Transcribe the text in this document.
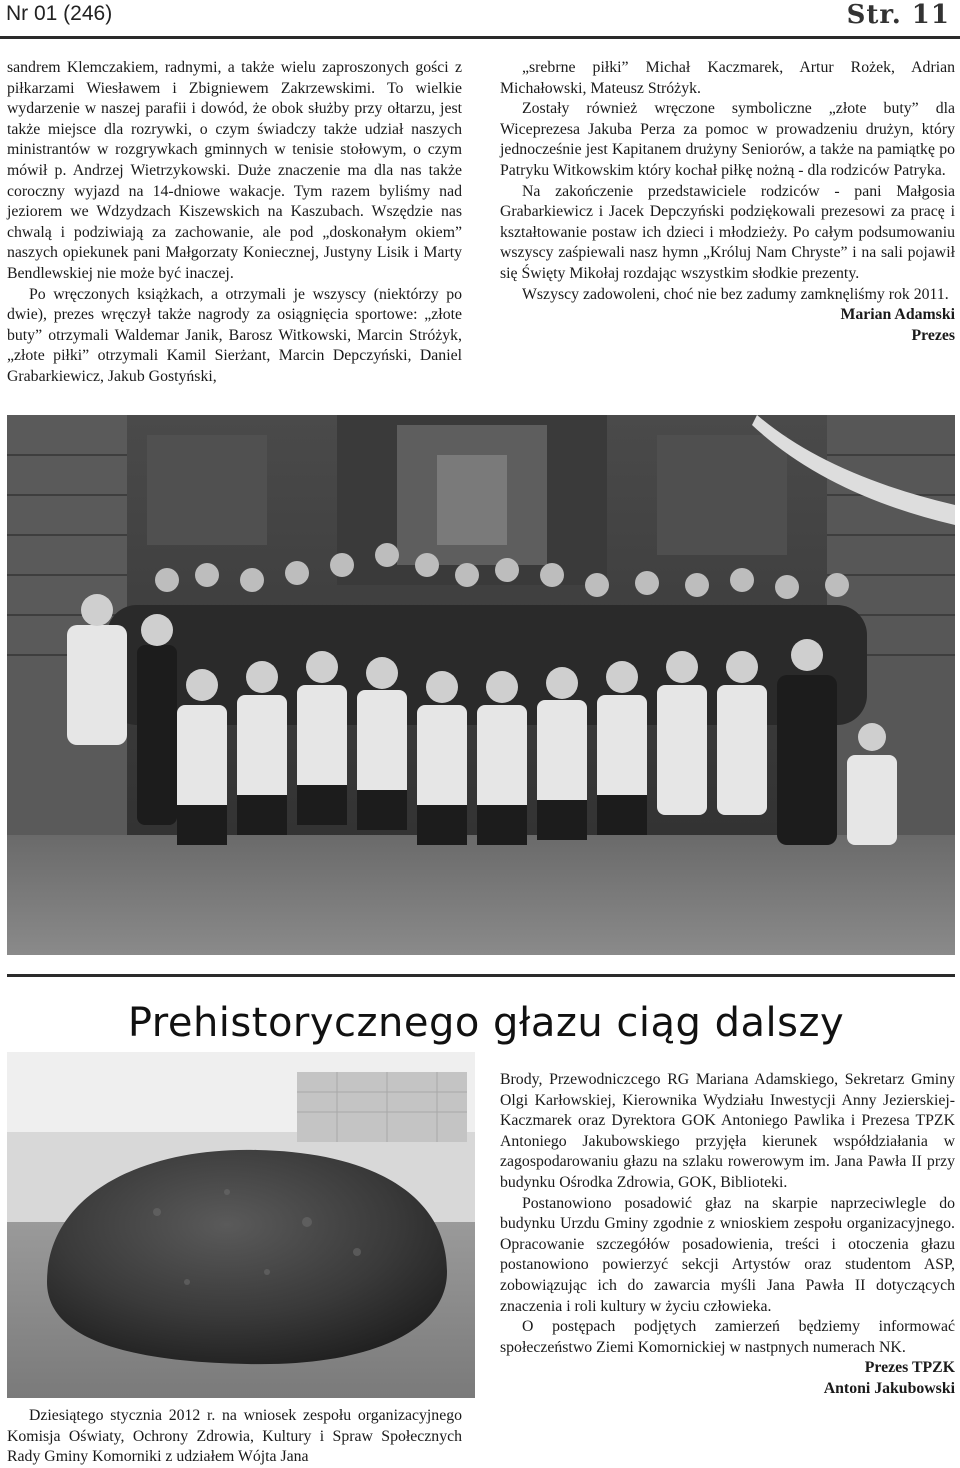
Nr 01 (246)	Str. 11

sandrem Klemczakiem, radnymi, a także wielu zaproszonych gości z piłkarzami Wiesławem i Zbigniewem Zakrzewskimi. To wielkie wydarzenie w naszej parafii i dowód, że obok służby przy ołtarzu, jest także miejsce dla rozrywki, o czym świadczy także udział naszych ministrantów w rozgrywkach gminnych w tenisie stołowym, o czym mówił p. Andrzej Wietrzykowski. Duże znaczenie ma dla nas także coroczny wyjazd na 14-dniowe wakacje. Tym razem byliśmy nad jeziorem we Wdzydzach Kiszewskich na Kaszubach. Wszędzie nas chwalą i podziwiają za zachowanie, ale pod „doskonałym okiem” naszych opiekunek pani Małgorzaty Koniecznej, Justyny Lisik i Marty Bendlewskiej nie może być inaczej.

Po wręczonych książkach, a otrzymali je wszyscy (niektórzy po dwie), prezes wręczył także nagrody za osiągnięcia sportowe: „złote buty” otrzymali Waldemar Janik, Barosz Witkowski, Marcin Stróżyk, „złote piłki” otrzymali Kamil Sierżant, Marcin Depczyński, Daniel Grabarkiewicz, Jakub Gostyński,

„srebrne piłki” Michał Kaczmarek, Artur Rożek, Adrian Michałowski, Mateusz Stróżyk.

Zostały również wręczone symboliczne „złote buty” dla Wiceprezesa Jakuba Perza za pomoc w prowadzeniu drużyn, który jednocześnie jest Kapitanem drużyny Seniorów, a także na pamiątkę po Patryku Witkowskim który kochał piłkę nożną - dla rodziców Patryka.

Na zakończenie przedstawiciele rodziców - pani Małgosia Grabarkiewicz i Jacek Depczyński podziękowali prezesowi za pracę i kształtowanie postaw ich dzieci i młodzieży. Po całym podsumowaniu wszyscy zaśpiewali nasz hymn „Króluj Nam Chryste” i na sali pojawił się Święty Mikołaj rozdając wszystkim słodkie prezenty.

Wszyscy zadowoleni, choć nie bez zadumy zamknęliśmy rok 2011.

Marian Adamski

Prezes

Prehistorycznego głazu ciąg dalszy

Dziesiątego stycznia 2012 r. na wniosek zespołu organizacyjnego Komisja Oświaty, Ochrony Zdrowia, Kultury i Spraw Społecznych Rady Gminy Komorniki z udziałem Wójta Jana

Brody, Przewodniczcego RG Mariana Adamskiego, Sekretarz Gminy Olgi Karłowskiej, Kierownika Wydziału Inwestycji Anny Jezierskiej-Kaczmarek oraz Dyrektora GOK Antoniego Pawlika i Prezesa TPZK Antoniego Jakubowskiego przyjęła kierunek współdziałania w zagospodarowaniu głazu na szlaku rowerowym im. Jana Pawła II przy budynku Ośrodka Zdrowia, GOK, Biblioteki.

Postanowiono posadowić głaz na skarpie naprzeciwlegle do budynku Urzdu Gminy zgodnie z wnioskiem zespołu organizacyjnego. Opracowanie szczegółów posadowienia, treści i otoczenia głazu postanowiono powierzyć sekcji Artystów oraz studentom ASP, zobowiązując ich do zawarcia myśli Jana Pawła II dotyczących znaczenia i roli kultury w życiu człowieka.

O postępach podjętych zamierzeń będziemy informować społeczeństwo Ziemi Komornickiej w nastpnych numerach NK.

Prezes TPZK

Antoni Jakubowski
